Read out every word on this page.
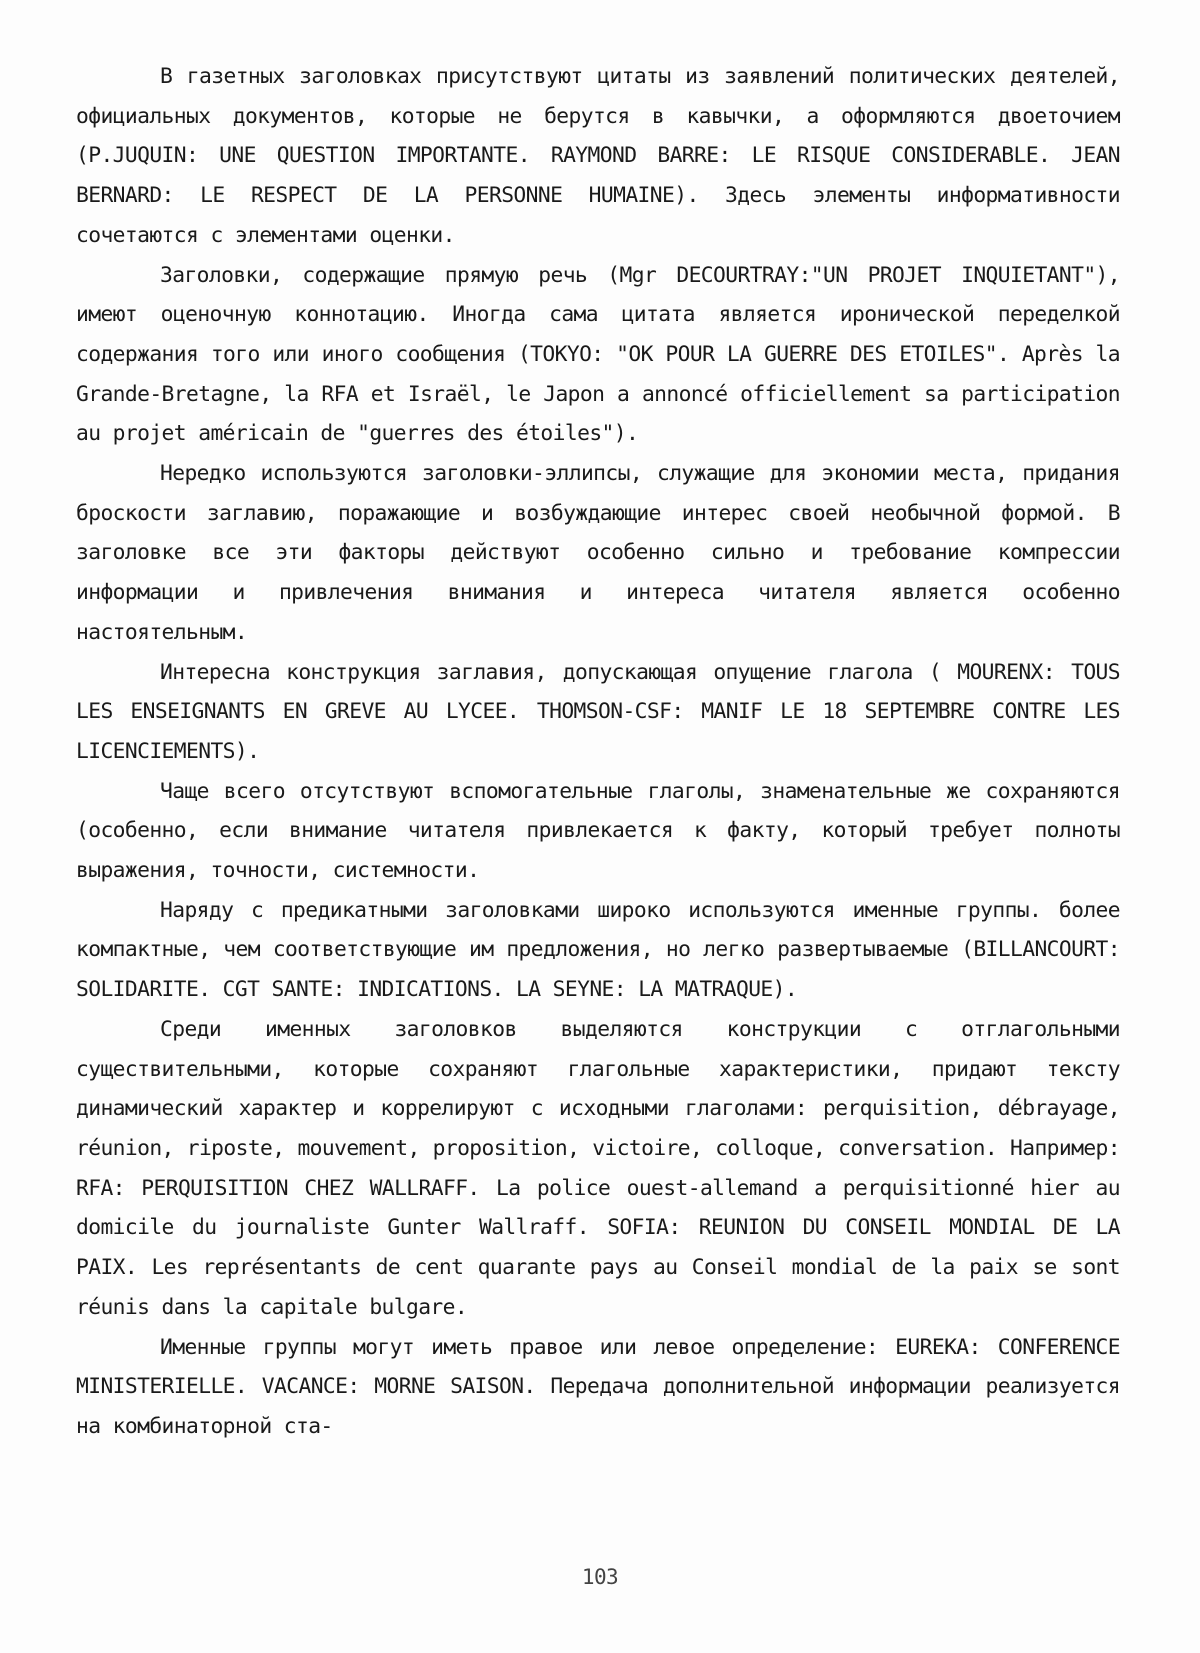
В газетных заголовках присутствуют цитаты из заявлений политических деятелей, официальных документов, которые не берутся в кавычки, а оформляются двоеточием (P.JUQUIN: UNE QUESTION IMPORTANTE. RAYMOND BARRE: LE RISQUE CONSIDERABLE. JEAN BERNARD: LE RESPECT DE LA PERSONNE HUMAINE). Здесь элементы информативности сочетаются с элементами оценки.

Заголовки, содержащие прямую речь (Mgr DECOURTRAY:"UN PROJET INQUIETANT"), имеют оценочную коннотацию. Иногда сама цитата является иронической переделкой содержания того или иного сообщения (TOKYO: "OK POUR LA GUERRE DES ETOILES". Après la Grande-Bretagne, la RFA et Israël, le Japon a annoncé officiellement sa participation au projet américain de "guerres des étoiles").

Нередко используются заголовки-эллипсы, служащие для экономии места, придания броскости заглавию, поражающие и возбуждающие интерес своей необычной формой. В заголовке все эти факторы действуют особенно сильно и требование компрессии информации и привлечения внимания и интереса читателя является особенно настоятельным.

Интересна конструкция заглавия, допускающая опущение глагола ( MOURENX: TOUS LES ENSEIGNANTS EN GREVE AU LYCEE. THOMSON-CSF: MANIF LE 18 SEPTEMBRE CONTRE LES LICENCIEMENTS).

Чаще всего отсутствуют вспомогательные глаголы, знаменательные же сохраняются (особенно, если внимание читателя привлекается к факту, который требует полноты выражения, точности, системности.

Наряду с предикатными заголовками широко используются именные группы. более компактные, чем соответствующие им предложения, но легко развертываемые (BILLANCOURT: SOLIDARITE. CGT SANTE: INDICATIONS. LA SEYNE: LA MATRAQUE).

Среди именных заголовков выделяются конструкции с отглагольными существительными, которые сохраняют глагольные характеристики, придают тексту динамический характер и коррелируют с исходными глаголами: perquisition, débrayage, réunion, riposte, mouvement, proposition, victoire, colloque, conversation. Например: RFA: PERQUISITION CHEZ WALLRAFF. La police ouest-allemand a perquisitionné hier au domicile du journaliste Gunter Wallraff. SOFIA: REUNION DU CONSEIL MONDIAL DE LA PAIX. Les représentants de cent quarante pays au Conseil mondial de la paix se sont réunis dans la capitale bulgare.

Именные группы могут иметь правое или левое определение: EUREKA: CONFERENCE MINISTERIELLE. VACANCE: MORNE SAISON. Передача дополнительной информации реализуется на комбинаторной ста-

103
